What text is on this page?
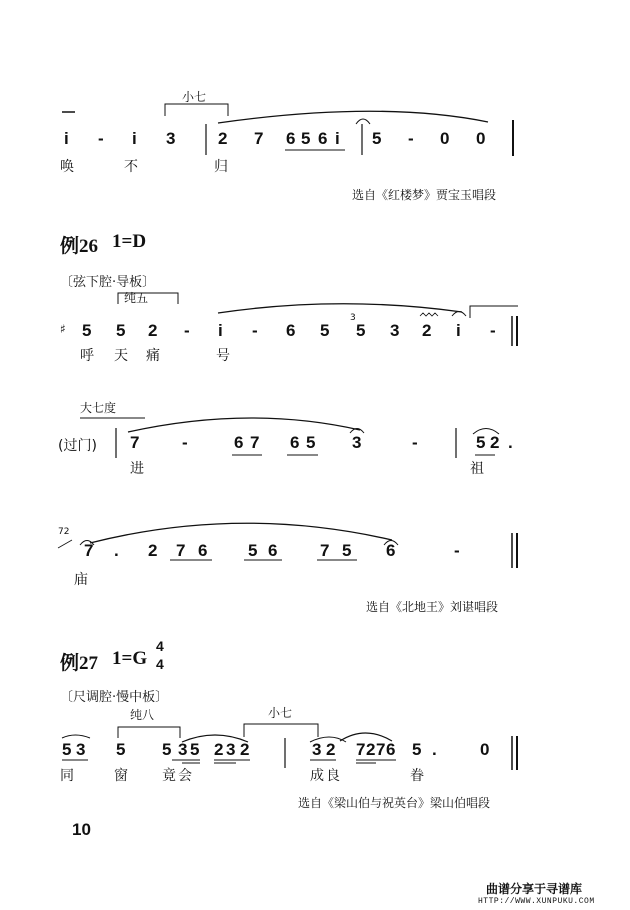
小七
i - i 3	2 7 6 5 6 i 5 - 0 0
唤	不	归
选自《红楼梦》贾宝玉唱段
例26 1=D
〔弦下腔·导板〕
纯五
♯
3
5 5 2 - i - 6 5 5 3 2 i -
呼 天 痛	号
大七度
(过门) 7	-	6 7 6 5 3	-	5 2 .
进	祖
72
7 . 2 7 6 5 6	7 5 6	-
庙
选自《北地王》刘谌唱段
例27 1=G
4
4
〔尺调腔·慢中板〕
纯八	小七
5 3 5 5 3 5 2 3 2	3 2 7 2 7 6 5 .	0
同	窗 竟 会	成 良	眷
选自《梁山伯与祝英台》梁山伯唱段
10
曲谱分享于寻谱库
HTTP://WWW.XUNPUKU.COM
